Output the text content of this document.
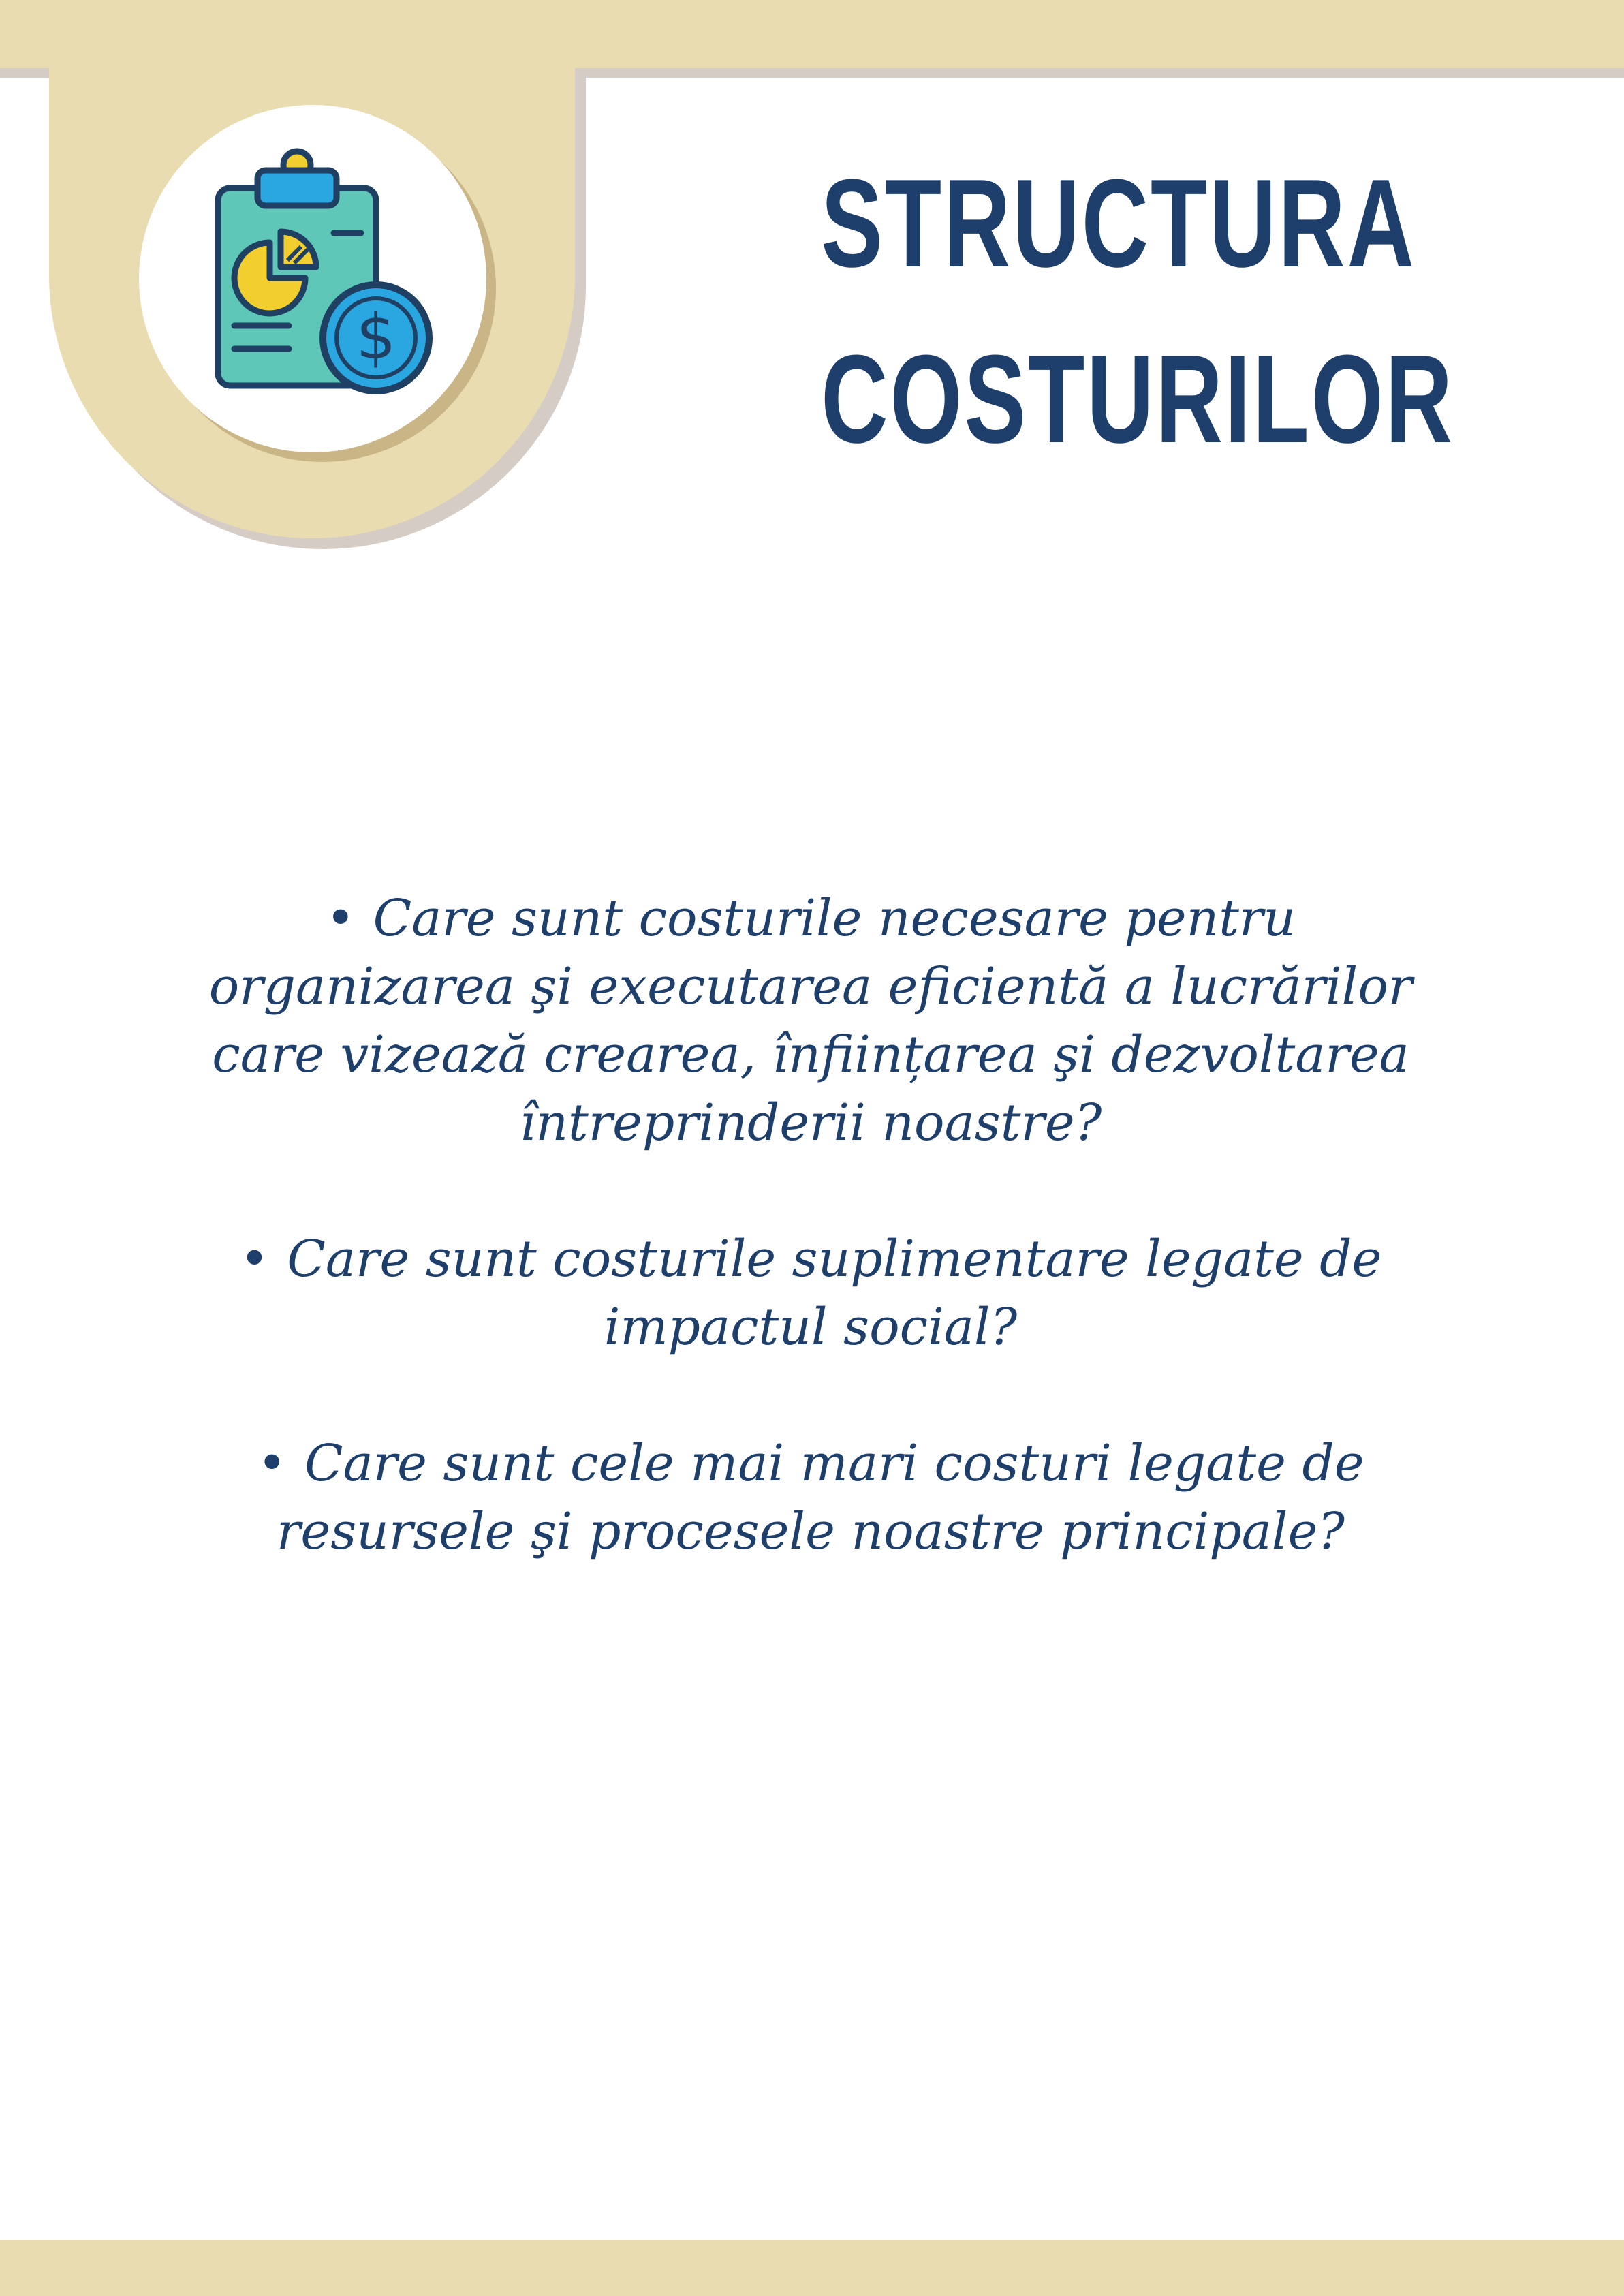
$
STRUCTURA
COSTURILOR
• Care sunt costurile necesare pentru organizarea şi executarea eficientă a lucrărilor care vizează crearea, înființarea şi dezvoltarea întreprinderii noastre?
• Care sunt costurile suplimentare legate de impactul social?
• Care sunt cele mai mari costuri legate de resursele şi procesele noastre principale?
